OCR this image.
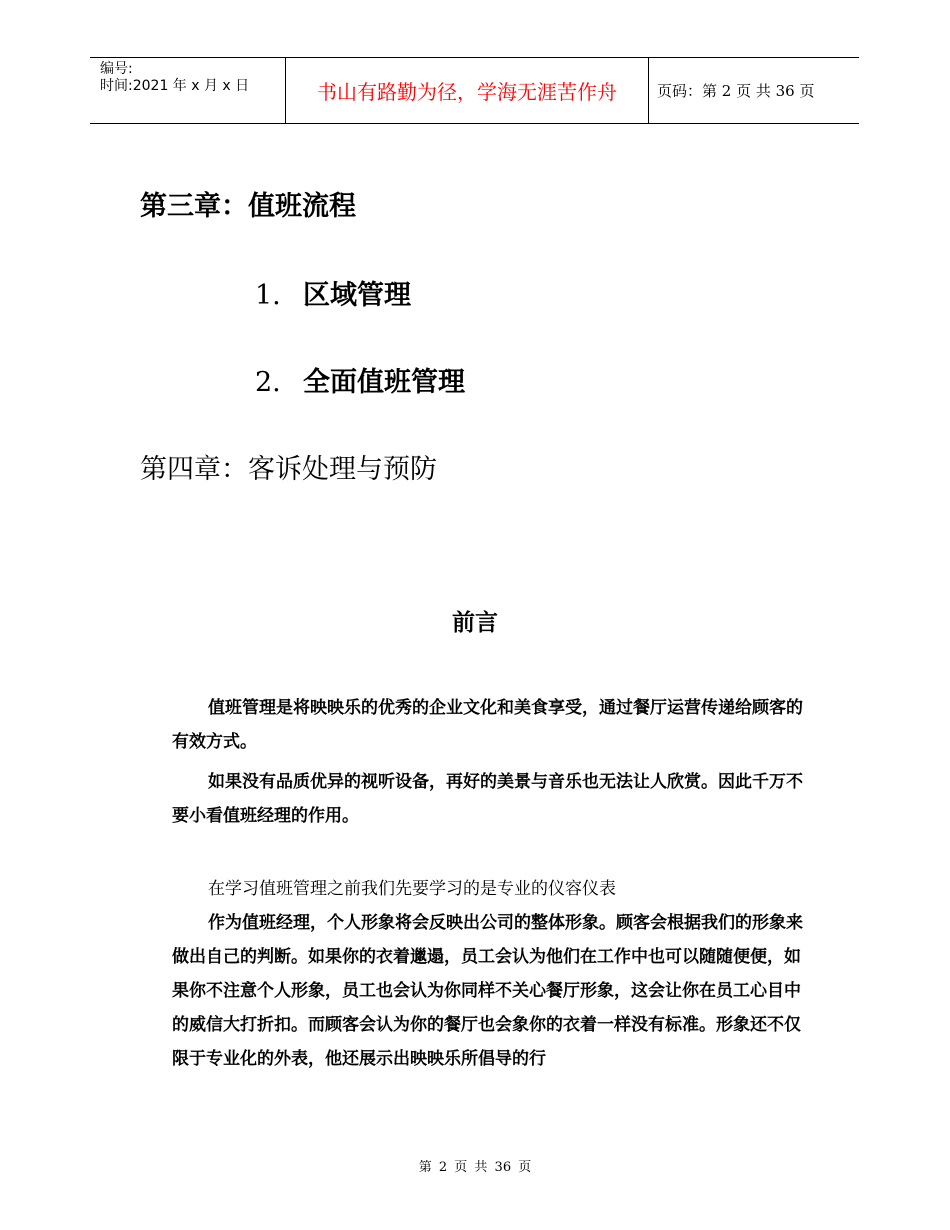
编号:
时间:2021 年 x 月 x 日	书山有路勤为径，学海无涯苦作舟	页码：第 2 页 共 36 页
第三章：值班流程
1. 区域管理
2. 全面值班管理
第四章：客诉处理与预防
前言

值班管理是将映映乐的优秀的企业文化和美食享受，通过餐厅运营传递给顾客的有效方式。

如果没有品质优异的视听设备，再好的美景与音乐也无法让人欣赏。因此千万不要小看值班经理的作用。

在学习值班管理之前我们先要学习的是专业的仪容仪表

作为值班经理，个人形象将会反映出公司的整体形象。顾客会根据我们的形象来做出自己的判断。如果你的衣着邋遢，员工会认为他们在工作中也可以随随便便，如果你不注意个人形象，员工也会认为你同样不关心餐厅形象，这会让你在员工心目中的威信大打折扣。而顾客会认为你的餐厅也会象你的衣着一样没有标准。形象还不仅限于专业化的外表，他还展示出映映乐所倡导的行

第 2 页 共 36 页
